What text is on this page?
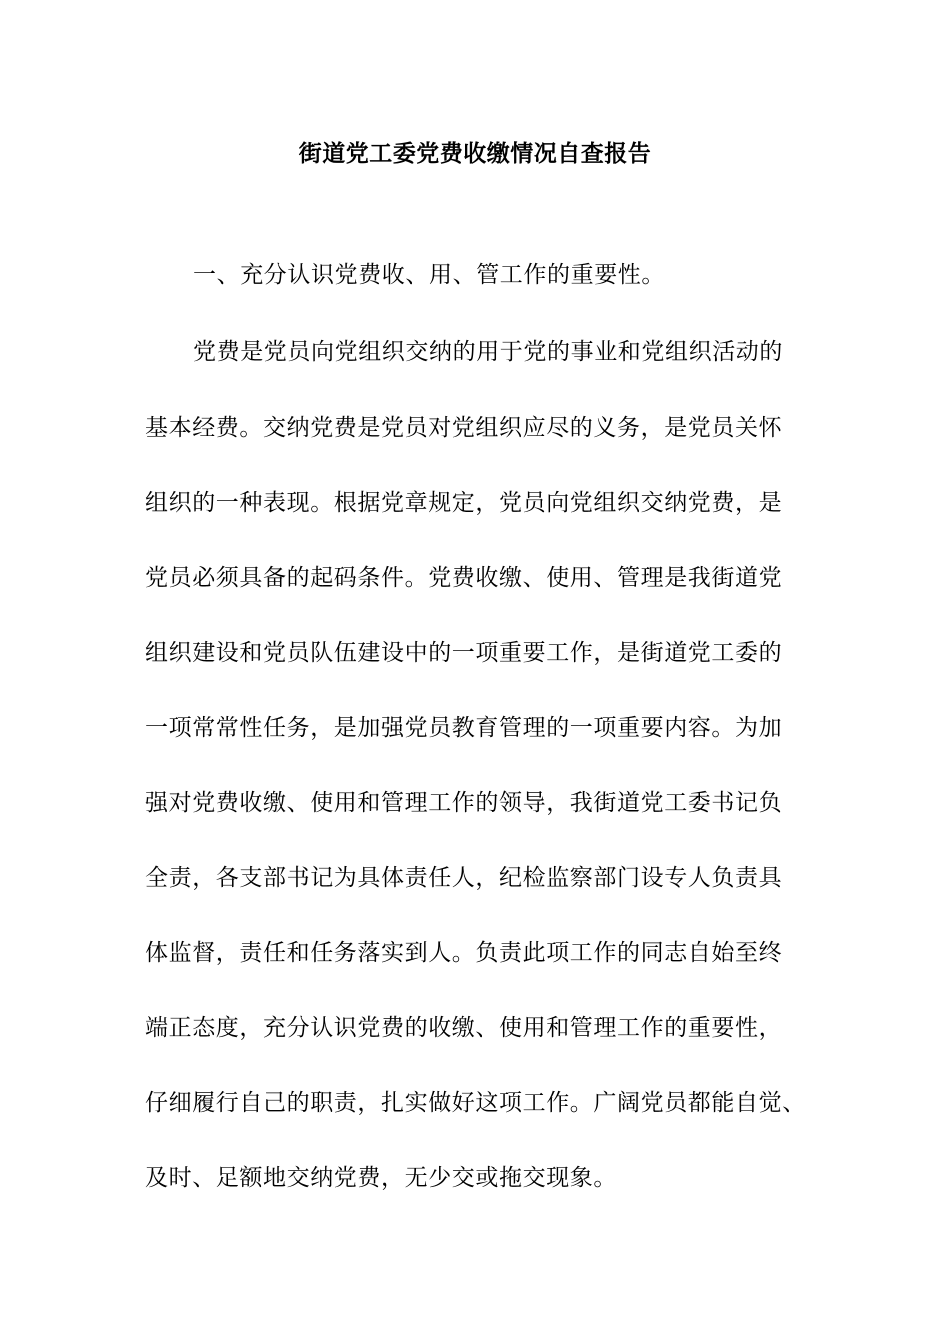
街道党工委党费收缴情况自查报告
一、充分认识党费收、用、管工作的重要性。
党费是党员向党组织交纳的用于党的事业和党组织活动的
基本经费。交纳党费是党员对党组织应尽的义务，是党员关怀
组织的一种表现。根据党章规定，党员向党组织交纳党费，是
党员必须具备的起码条件。党费收缴、使用、管理是我街道党
组织建设和党员队伍建设中的一项重要工作，是街道党工委的
一项常常性任务，是加强党员教育管理的一项重要内容。为加
强对党费收缴、使用和管理工作的领导，我街道党工委书记负
全责，各支部书记为具体责任人，纪检监察部门设专人负责具
体监督，责任和任务落实到人。负责此项工作的同志自始至终
端正态度，充分认识党费的收缴、使用和管理工作的重要性，
仔细履行自己的职责，扎实做好这项工作。广阔党员都能自觉、
及时、足额地交纳党费，无少交或拖交现象。
